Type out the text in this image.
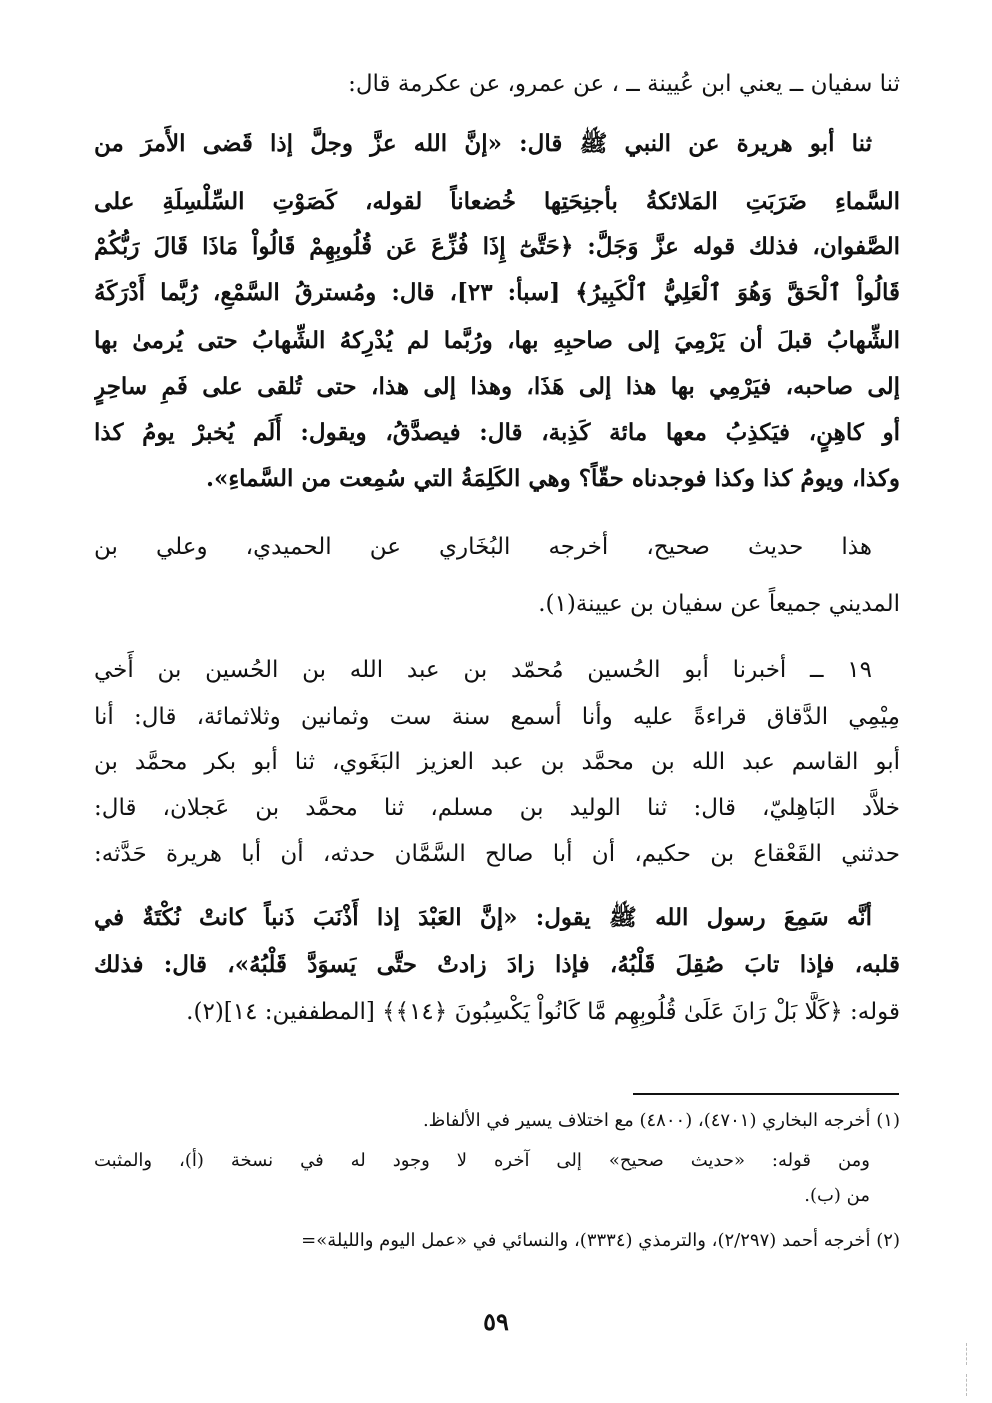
ثنا سفيان ــ يعني ابن عُيينة ــ ، عن عمرو، عن عكرمة قال:
ثنا أبو هريرة عن النبي ﷺ قال: «إنَّ الله عزَّ وجلَّ إذا قَضى الأَمرَ من
السَّماءِ ضَرَبَتِ المَلائكةُ بأجنِحَتِها خُضعاناً لقوله، كَصَوْتِ السِّلْسِلَةِ على
الصَّفوان، فذلك قوله عزَّ وَجَلَّ: ﴿حَتَّىٰٓ إِذَا فُزِّعَ عَن قُلُوبِهِمْ قَالُواْ مَاذَا قَالَ رَبُّكُمْ
قَالُواْ ٱلْحَقَّ وَهُوَ ٱلْعَلِيُّ ٱلْكَبِيرُ﴾ [سبأ: ٢٣]، قال: ومُسترقُ السَّمْعِ، رُبَّما أَدْرَكَهُ
الشِّهابُ قبلَ أن يَرْمِيَ إلى صاحبِهِ بها، ورُبَّما لم يُدْرِكهُ الشِّهابُ حتى يُرمىٰ بها
إلى صاحبه، فيَرْمِي بها هذا إلى هَذَا، وهذا إلى هذا، حتى تُلقى على فَمِ ساحِرٍ
أو كاهِنٍ، فيَكذِبُ معها مائة كَذِبة، قال: فيصدَّقُ، ويقول: أَلَم يُخبرْ يومُ كذا
وكذا، ويومُ كذا وكذا فوجدناه حقّاً؟ وهي الكَلِمَةُ التي سُمِعت من السَّماءِ».
هذا حديث صحيح، أخرجه البُخَاري عن الحميدي، وعلي بن
المديني جميعاً عن سفيان بن عيينة(١).
١٩ ــ أخبرنا أبو الحُسين مُحمّد بن عبد الله بن الحُسين بن أَخي
مِيْمِي الدَّقاق قراءةً عليه وأنا أسمع سنة ست وثمانين وثلاثمائة، قال: أنا
أبو القاسم عبد الله بن محمَّد بن عبد العزيز البَغَوي، ثنا أبو بكر محمَّد بن
خلاَّد البَاهِليّ، قال: ثنا الوليد بن مسلم، ثنا محمَّد بن عَجلان، قال:
حدثني القَعْقاع بن حكيم، أن أبا صالح السَّمَّان حدثه، أن أبا هريرة حَدَّثه:
أنَّه سَمِعَ رسول الله ﷺ يقول: «إنَّ العَبْدَ إذا أَذْنَبَ ذَنباً كانتْ نُكْتَةٌ في
قلبه، فإذا تابَ صُقِلَ قَلْبُهُ، فإذا زادَ زادتْ حتَّى يَسوَدَّ قَلْبُهُ»، قال: فذلك
قوله: ﴿كَلَّا بَلْ رَانَ عَلَىٰ قُلُوبِهِم مَّا كَانُواْ يَكْسِبُونَ ﴿١٤﴾﴾ [المطففين: ١٤](٢).
(١) أخرجه البخاري (٤٧٠١)، (٤٨٠٠) مع اختلاف يسير في الألفاظ.
ومن قوله: «حديث صحيح» إلى آخره لا وجود له في نسخة (أ)، والمثبت
من (ب).
(٢) أخرجه أحمد (٢/٢٩٧)، والترمذي (٣٣٣٤)، والنسائي في «عمل اليوم والليلة»=
٥٩
